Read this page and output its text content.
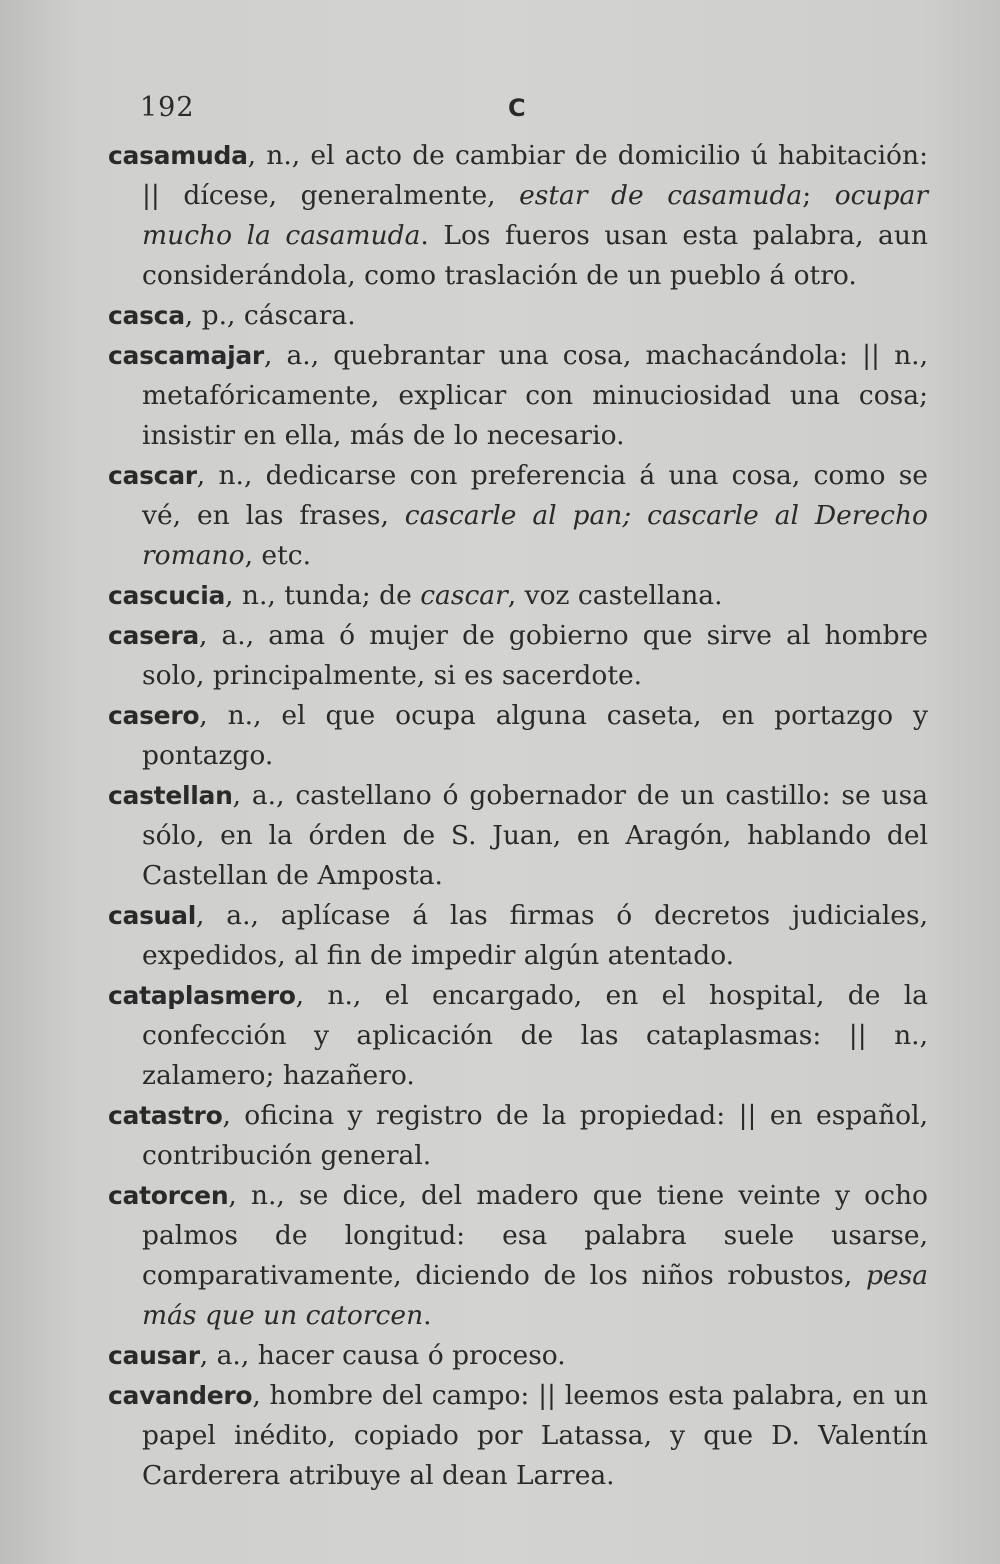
192	C

casamuda, n., el acto de cambiar de domicilio ú habitación: || dícese, generalmente, estar de casamuda; ocupar mucho la casamuda. Los fueros usan esta palabra, aun considerándola, como traslación de un pueblo á otro.

casca, p., cáscara.

cascamajar, a., quebrantar una cosa, machacándola: || n., metafóricamente, explicar con minuciosidad una cosa; insistir en ella, más de lo necesario.

cascar, n., dedicarse con preferencia á una cosa, como se vé, en las frases, cascarle al pan; cascarle al Derecho romano, etc.

cascucia, n., tunda; de cascar, voz castellana.

casera, a., ama ó mujer de gobierno que sirve al hombre solo, principalmente, si es sacerdote.

casero, n., el que ocupa alguna caseta, en portazgo y pontazgo.

castellan, a., castellano ó gobernador de un castillo: se usa sólo, en la órden de S. Juan, en Aragón, hablando del Castellan de Amposta.

casual, a., aplícase á las firmas ó decretos judiciales, expedidos, al fin de impedir algún atentado.

cataplasmero, n., el encargado, en el hospital, de la confección y aplicación de las cataplasmas: || n., zalamero; hazañero.

catastro, oficina y registro de la propiedad: || en español, contribución general.

catorcen, n., se dice, del madero que tiene veinte y ocho palmos de longitud: esa palabra suele usarse, comparativamente, diciendo de los niños robustos, pesa más que un catorcen.

causar, a., hacer causa ó proceso.

cavandero, hombre del campo: || leemos esta palabra, en un papel inédito, copiado por Latassa, y que D. Valentín Carderera atribuye al dean Larrea.
